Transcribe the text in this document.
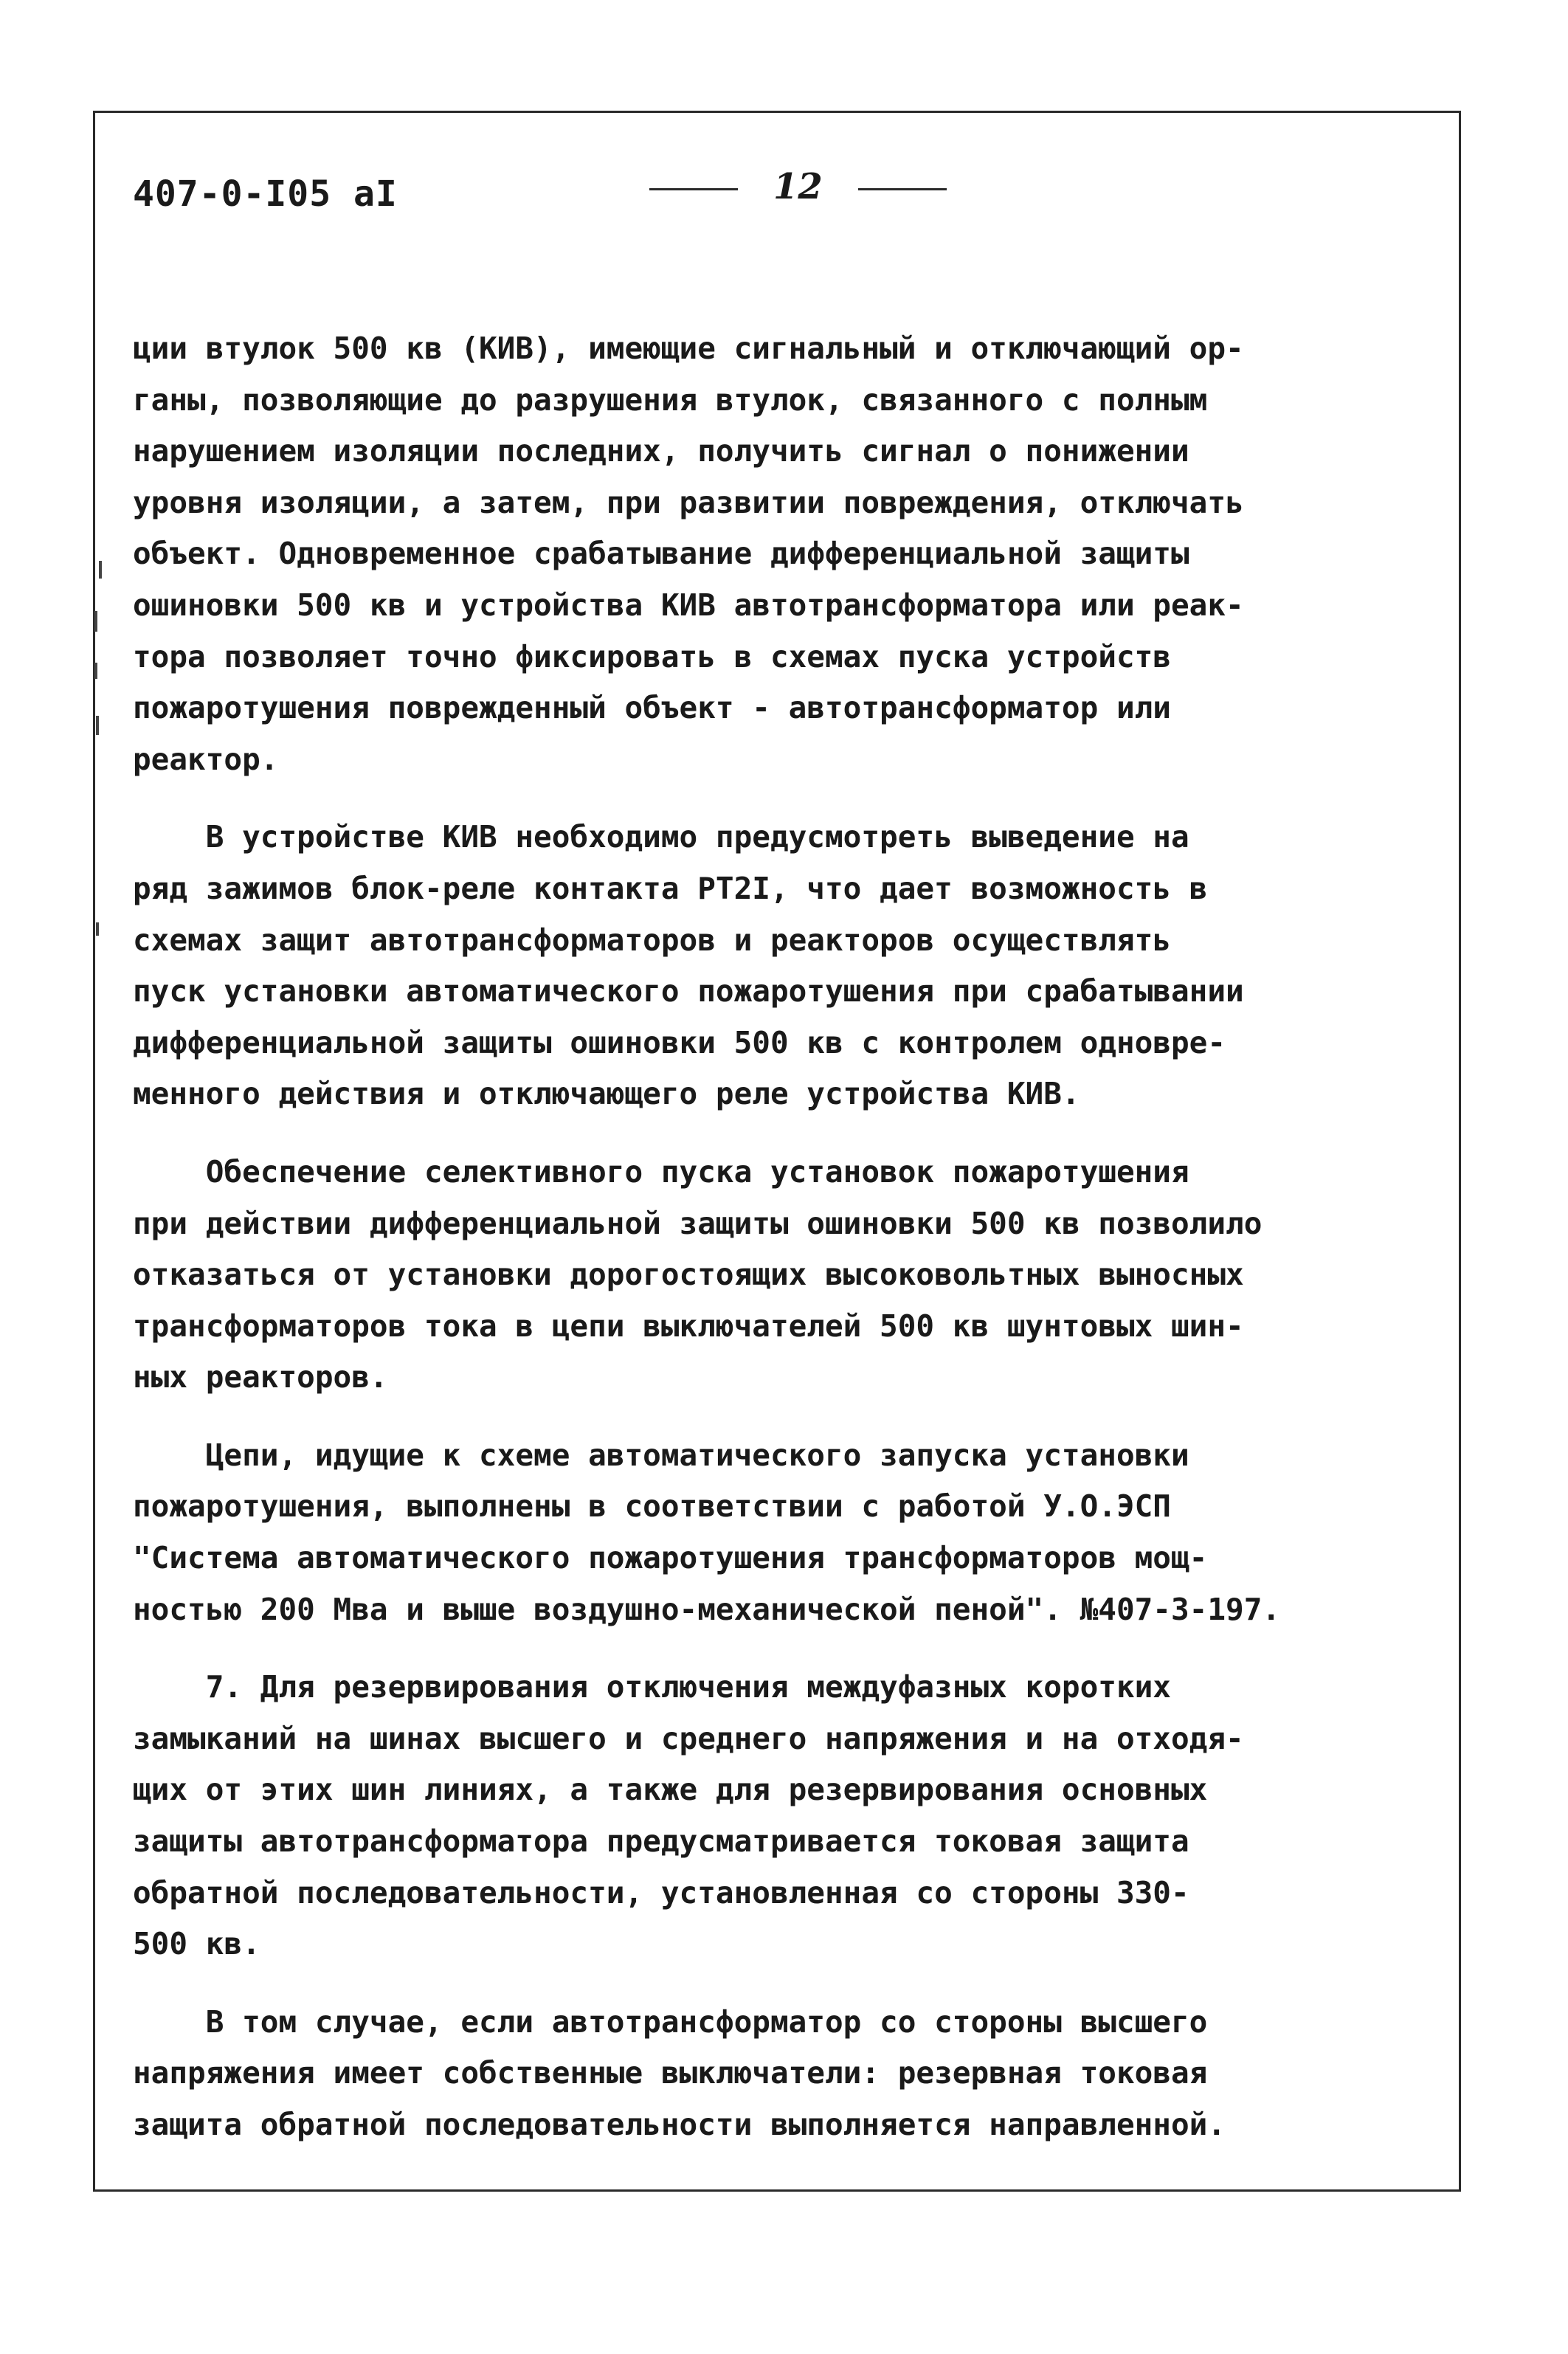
407-0-I05 aI	12
ции втулок 500 кв (КИВ), имеющие сигнальный и отключающий ор-
ганы, позволяющие до разрушения втулок, связанного с полным
нарушением изоляции последних, получить сигнал о понижении
уровня изоляции, а затем, при развитии повреждения, отключать
объект. Одновременное срабатывание дифференциальной защиты
ошиновки 500 кв и устройства КИВ автотрансформатора или реак-
тора позволяет точно фиксировать в схемах пуска устройств
пожаротушения поврежденный объект - автотрансформатор или
реактор.
В устройстве КИВ необходимо предусмотреть выведение на
ряд зажимов блок-реле контакта РТ2I, что дает возможность в
схемах защит автотрансформаторов и реакторов осуществлять
пуск установки автоматического пожаротушения при срабатывании
дифференциальной защиты ошиновки 500 кв с контролем одновре-
менного действия и отключающего реле устройства КИВ.
Обеспечение селективного пуска установок пожаротушения
при действии дифференциальной защиты ошиновки 500 кв позволило
отказаться от установки дорогостоящих высоковольтных выносных
трансформаторов тока в цепи выключателей 500 кв шунтовых шин-
ных реакторов.
Цепи, идущие к схеме автоматического запуска установки
пожаротушения, выполнены в соответствии с работой У.О.ЭСП
"Система автоматического пожаротушения трансформаторов мощ-
ностью 200 Мва и выше воздушно-механической пеной". №407-3-197.
7. Для резервирования отключения междуфазных коротких
замыканий на шинах высшего и среднего напряжения и на отходя-
щих от этих шин линиях, а также для резервирования основных
защиты автотрансформатора предусматривается токовая защита
обратной последовательности, установленная со стороны 330-
500 кв.
В том случае, если автотрансформатор со стороны высшего
напряжения имеет собственные выключатели: резервная токовая
защита обратной последовательности выполняется направленной.
